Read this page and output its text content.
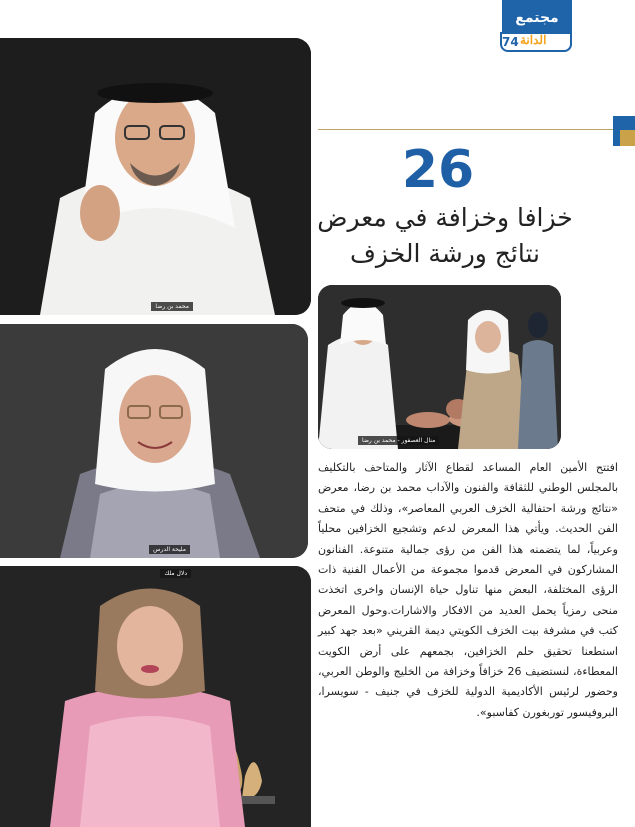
مجتمع
74 الدانة
26
خزافا وخزافة في معرض
نتائج ورشة الخزف
محمد بن رضا
مليحة الدرس
دلال ملك
منال العصفور - محمد بن رضا
افتتح الأمين العام المساعد لقطاع الآثار والمتاحف بالتكليف بالمجلس الوطني للثقافة والفنون والآداب محمد بن رضا، معرض «نتائج ورشة احتفالية الخزف العربي المعاصر»، وذلك في متحف الفن الحديث. ويأتي هذا المعرض لدعم وتشجيع الخزافين محلياً وعربياً، لما يتضمنه هذا الفن من رؤى جمالية متنوعة. الفنانون المشاركون في المعرض قدموا مجموعة من الأعمال الفنية ذات الرؤى المختلفة، البعض منها تناول حياة الإنسان واخرى اتخذت منحى رمزياً يحمل العديد من الافكار والاشارات.وحول المعرض كتب في مشرفة بيت الخزف الكويتي ديمة القريني «بعد جهد كبير استطعنا تحقيق حلم الخزافين، بجمعهم على أرض الكويت المعطاءة، لنستضيف 26 خزافاً وخزافة من الخليج والوطن العربي، وحضور لرئيس الأكاديمية الدولية للخزف في جنيف - سويسرا، البروفيسور توربغورن كفاسبو».
